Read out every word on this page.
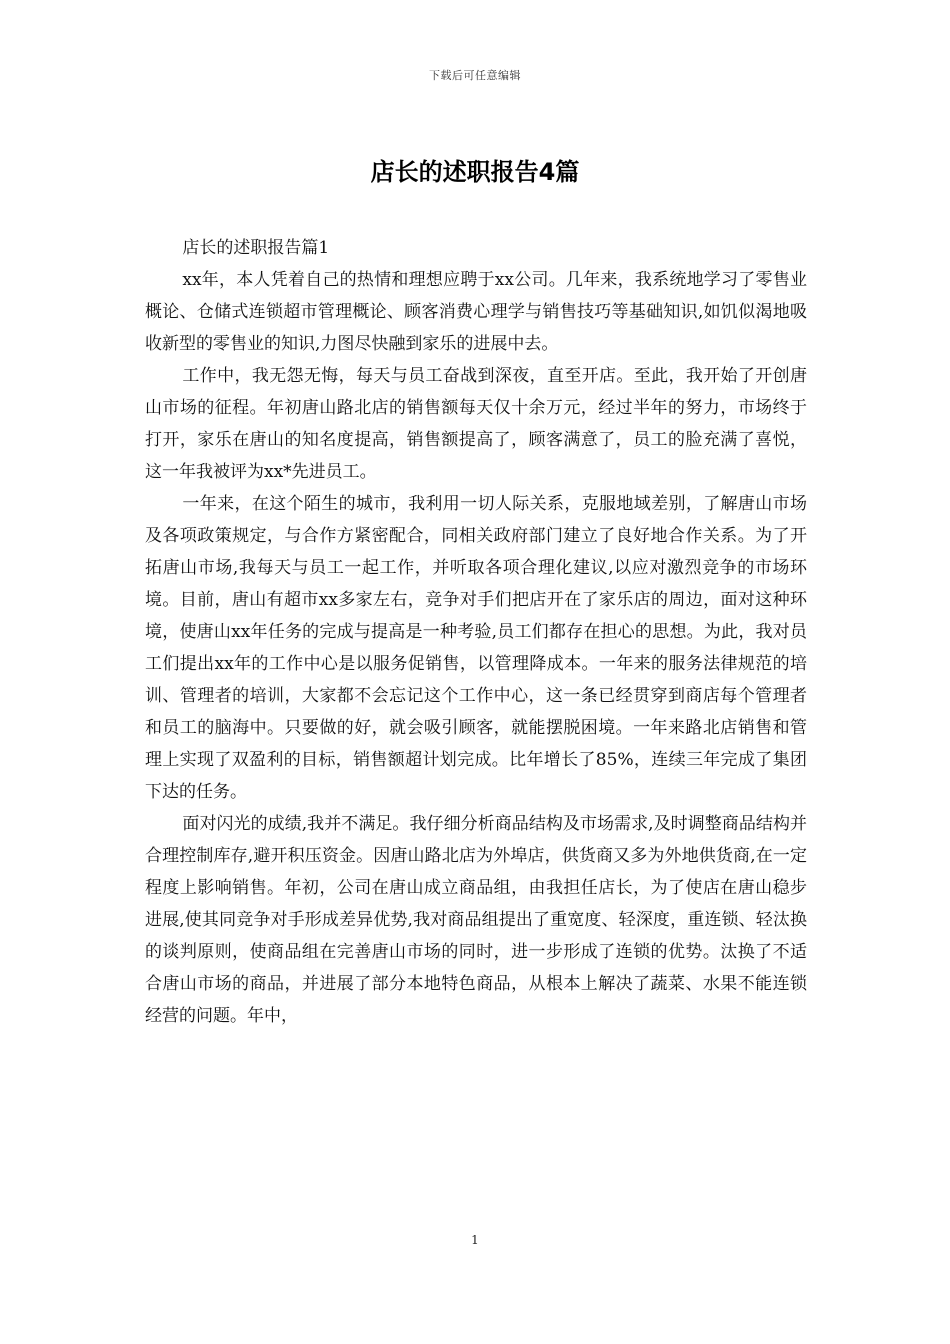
下载后可任意编辑
店长的述职报告4篇

店长的述职报告篇1

xx年，本人凭着自己的热情和理想应聘于xx公司。几年来，我系统地学习了零售业概论、仓储式连锁超市管理概论、顾客消费心理学与销售技巧等基础知识,如饥似渴地吸收新型的零售业的知识,力图尽快融到家乐的进展中去。

工作中，我无怨无悔，每天与员工奋战到深夜，直至开店。至此，我开始了开创唐山市场的征程。年初唐山路北店的销售额每天仅十余万元，经过半年的努力，市场终于打开，家乐在唐山的知名度提高，销售额提高了，顾客满意了，员工的脸充满了喜悦，这一年我被评为xx*先进员工。

一年来，在这个陌生的城市，我利用一切人际关系，克服地域差别，了解唐山市场及各项政策规定，与合作方紧密配合，同相关政府部门建立了良好地合作关系。为了开拓唐山市场,我每天与员工一起工作，并听取各项合理化建议,以应对激烈竞争的市场环境。目前，唐山有超市xx多家左右，竞争对手们把店开在了家乐店的周边，面对这种环境，使唐山xx年任务的完成与提高是一种考验,员工们都存在担心的思想。为此，我对员工们提出xx年的工作中心是以服务促销售，以管理降成本。一年来的服务法律规范的培训、管理者的培训，大家都不会忘记这个工作中心，这一条已经贯穿到商店每个管理者和员工的脑海中。只要做的好，就会吸引顾客，就能摆脱困境。一年来路北店销售和管理上实现了双盈利的目标，销售额超计划完成。比年增长了85%，连续三年完成了集团下达的任务。

面对闪光的成绩,我并不满足。我仔细分析商品结构及市场需求,及时调整商品结构并合理控制库存,避开积压资金。因唐山路北店为外埠店，供货商又多为外地供货商,在一定程度上影响销售。年初，公司在唐山成立商品组，由我担任店长，为了使店在唐山稳步进展,使其同竞争对手形成差异优势,我对商品组提出了重宽度、轻深度，重连锁、轻汰换的谈判原则，使商品组在完善唐山市场的同时，进一步形成了连锁的优势。汰换了不适合唐山市场的商品，并进展了部分本地特色商品，从根本上解决了蔬菜、水果不能连锁经营的问题。年中，

1
